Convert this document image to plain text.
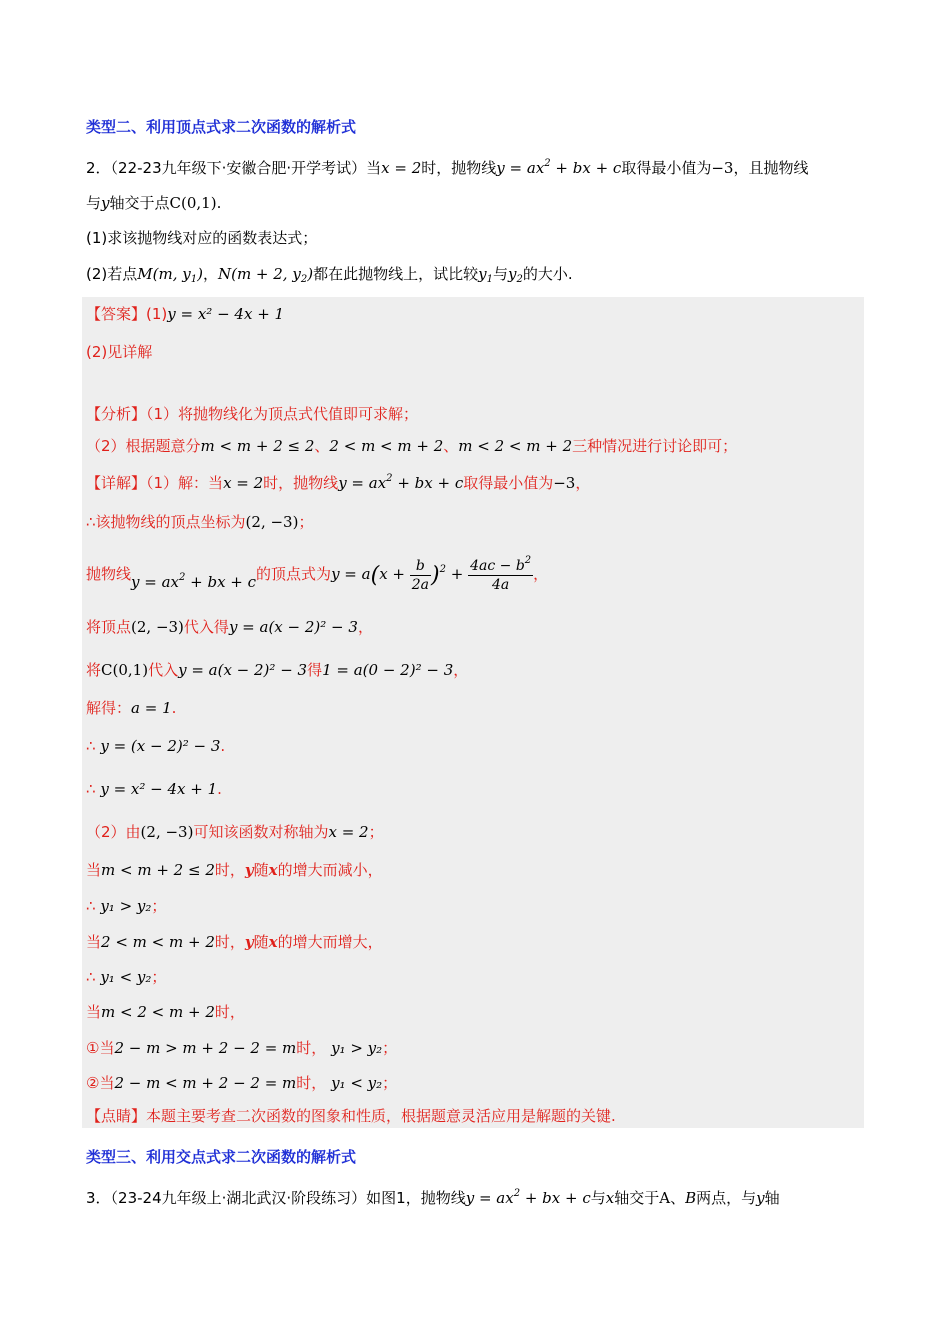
类型二、利用顶点式求二次函数的解析式
2．（22-23九年级下·安徽合肥·开学考试）当x = 2时，抛物线$y = ax^2$ + bx + c取得最小值为−3，且抛物线
与y轴交于点C(0,1).
(1)求该抛物线对应的函数表达式；
(2)若点M(m, $y_1$)，N(m + 2, $y_2$)都在此抛物线上，试比较$y_1$与$y_2$的大小.
【答案】(1)y = x² − 4x + 1
(2)见详解
【分析】（1）将抛物线化为顶点式代值即可求解；
（2）根据题意分m < m + 2 ≤ 2、2 < m < m + 2、m < 2 < m + 2三种情况进行讨论即可；
【详解】（1）解：当x = 2时，抛物线$y = ax^2$ + bx + c取得最小值为−3，
∴该抛物线的顶点坐标为(2, −3)；
抛物线$y = ax^2$ + bx + c的顶点式为$y = a(x + \frac{b}{2a} )^2 + \frac{4ac - b^2}{4a}$ ，
将顶点(2, −3)代入得y = a(x − 2)² − 3，
将C(0,1)代入y = a(x − 2)² − 3得1 = a(0 − 2)² − 3，
解得：a = 1.
∴ y = (x − 2)² − 3.
∴ y = x² − 4x + 1.
（2）由(2, −3)可知该函数对称轴为x = 2；
当m < m + 2 ≤ 2时，y随x的增大而减小，
∴ y₁ > y₂；
当2 < m < m + 2时，y随x的增大而增大，
∴ y₁ < y₂；
当m < 2 < m + 2时，
①当2 − m > m + 2 − 2 = m时， y₁ > y₂；
②当2 − m < m + 2 − 2 = m时， y₁ < y₂；
【点睛】本题主要考查二次函数的图象和性质，根据题意灵活应用是解题的关键.
类型三、利用交点式求二次函数的解析式
3．（23-24九年级上·湖北武汉·阶段练习）如图1，抛物线$y = ax^2$ + bx + c与x轴交于A、B两点，与y轴
